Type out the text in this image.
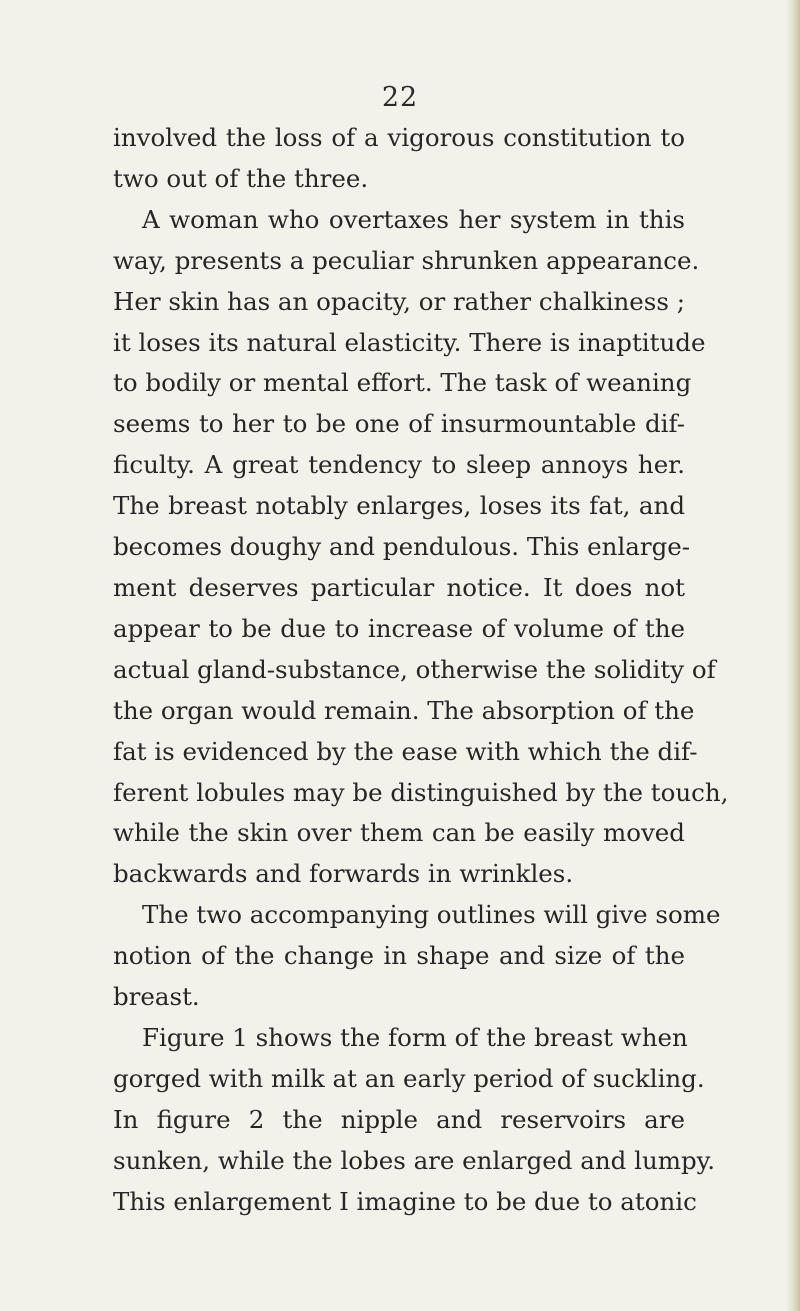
22
involved the loss of a vigorous constitution to
two out of the three.
A woman who overtaxes her system in this
way, presents a peculiar shrunken appearance.
Her skin has an opacity, or rather chalkiness ;
it loses its natural elasticity. There is inaptitude
to bodily or mental effort. The task of weaning
seems to her to be one of insurmountable dif-
ficulty. A great tendency to sleep annoys her.
The breast notably enlarges, loses its fat, and
becomes doughy and pendulous. This enlarge-
ment deserves particular notice. It does not
appear to be due to increase of volume of the
actual gland-substance, otherwise the solidity of
the organ would remain. The absorption of the
fat is evidenced by the ease with which the dif-
ferent lobules may be distinguished by the touch,
while the skin over them can be easily moved
backwards and forwards in wrinkles.
The two accompanying outlines will give some
notion of the change in shape and size of the
breast.
Figure 1 shows the form of the breast when
gorged with milk at an early period of suckling.
In figure 2 the nipple and reservoirs are
sunken, while the lobes are enlarged and lumpy.
This enlargement I imagine to be due to atonic
